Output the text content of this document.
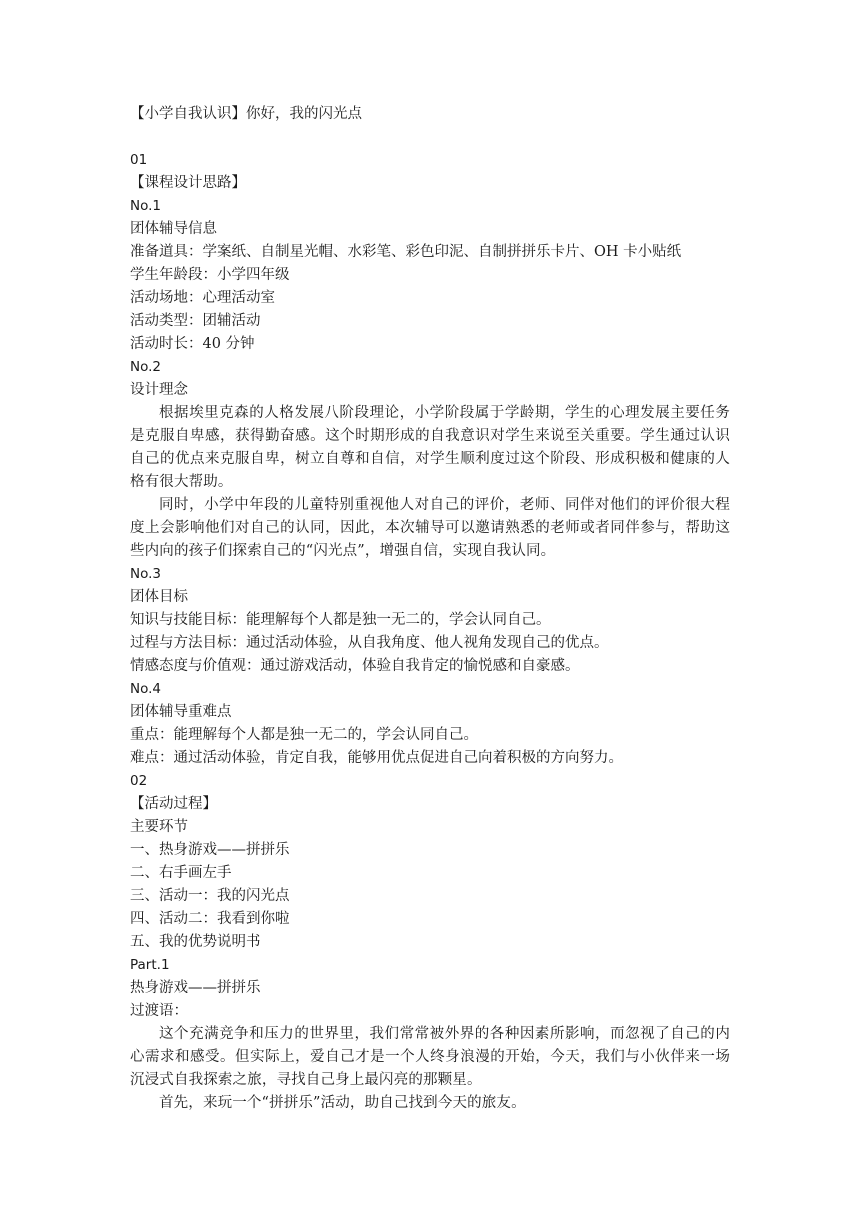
【小学自我认识】你好，我的闪光点
01
【课程设计思路】
No.1
团体辅导信息
准备道具：学案纸、自制星光帽、水彩笔、彩色印泥、自制拼拼乐卡片、OH 卡小贴纸
学生年龄段：小学四年级
活动场地：心理活动室
活动类型：团辅活动
活动时长：40 分钟
No.2
设计理念

根据埃里克森的人格发展八阶段理论，小学阶段属于学龄期，学生的心理发展主要任务是克服自卑感，获得勤奋感。这个时期形成的自我意识对学生来说至关重要。学生通过认识自己的优点来克服自卑，树立自尊和自信，对学生顺利度过这个阶段、形成积极和健康的人格有很大帮助。

同时，小学中年段的儿童特别重视他人对自己的评价，老师、同伴对他们的评价很大程度上会影响他们对自己的认同，因此，本次辅导可以邀请熟悉的老师或者同伴参与，帮助这些内向的孩子们探索自己的“闪光点”，增强自信，实现自我认同。

No.3
团体目标
知识与技能目标：能理解每个人都是独一无二的，学会认同自己。
过程与方法目标：通过活动体验，从自我角度、他人视角发现自己的优点。
情感态度与价值观：通过游戏活动，体验自我肯定的愉悦感和自豪感。
No.4
团体辅导重难点
重点：能理解每个人都是独一无二的，学会认同自己。
难点：通过活动体验，肯定自我，能够用优点促进自己向着积极的方向努力。
02
【活动过程】
主要环节
一、热身游戏——拼拼乐
二、右手画左手
三、活动一：我的闪光点
四、活动二：我看到你啦
五、我的优势说明书
Part.1
热身游戏——拼拼乐
过渡语：

这个充满竞争和压力的世界里，我们常常被外界的各种因素所影响，而忽视了自己的内心需求和感受。但实际上，爱自己才是一个人终身浪漫的开始，今天，我们与小伙伴来一场沉浸式自我探索之旅，寻找自己身上最闪亮的那颗星。

首先，来玩一个“拼拼乐”活动，助自己找到今天的旅友。
